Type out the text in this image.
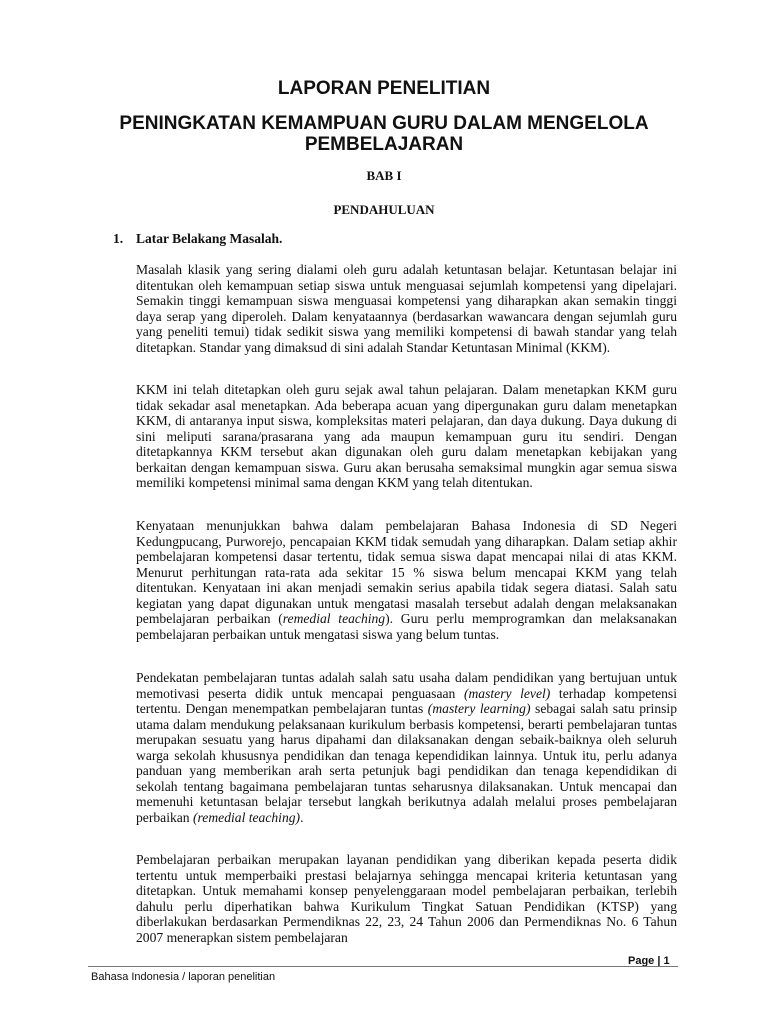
LAPORAN PENELITIAN
PENINGKATAN KEMAMPUAN GURU DALAM MENGELOLA PEMBELAJARAN

BAB I

PENDAHULUAN

1. Latar Belakang Masalah.

Masalah klasik yang sering dialami oleh guru adalah ketuntasan belajar. Ketuntasan belajar ini ditentukan oleh kemampuan setiap siswa untuk menguasai sejumlah kompetensi yang dipelajari. Semakin tinggi kemampuan siswa menguasai kompetensi yang diharapkan akan semakin tinggi daya serap yang diperoleh. Dalam kenyataannya (berdasarkan wawancara dengan sejumlah guru yang peneliti temui) tidak sedikit siswa yang memiliki kompetensi di bawah standar yang telah ditetapkan. Standar yang dimaksud di sini adalah Standar Ketuntasan Minimal (KKM).

KKM ini telah ditetapkan oleh guru sejak awal tahun pelajaran. Dalam menetapkan KKM guru tidak sekadar asal menetapkan. Ada beberapa acuan yang dipergunakan guru dalam menetapkan KKM, di antaranya input siswa, kompleksitas materi pelajaran, dan daya dukung. Daya dukung di sini meliputi sarana/prasarana yang ada maupun kemampuan guru itu sendiri. Dengan ditetapkannya KKM tersebut akan digunakan oleh guru dalam menetapkan kebijakan yang berkaitan dengan kemampuan siswa. Guru akan berusaha semaksimal mungkin agar semua siswa memiliki kompetensi minimal sama dengan KKM yang telah ditentukan.

Kenyataan menunjukkan bahwa dalam pembelajaran Bahasa Indonesia di SD Negeri Kedungpucang, Purworejo, pencapaian KKM tidak semudah yang diharapkan. Dalam setiap akhir pembelajaran kompetensi dasar tertentu, tidak semua siswa dapat mencapai nilai di atas KKM. Menurut perhitungan rata-rata ada sekitar 15 % siswa belum mencapai KKM yang telah ditentukan. Kenyataan ini akan menjadi semakin serius apabila tidak segera diatasi. Salah satu kegiatan yang dapat digunakan untuk mengatasi masalah tersebut adalah dengan melaksanakan pembelajaran perbaikan (remedial teaching). Guru perlu memprogramkan dan melaksanakan pembelajaran perbaikan untuk mengatasi siswa yang belum tuntas.

Pendekatan pembelajaran tuntas adalah salah satu usaha dalam pendidikan yang bertujuan untuk memotivasi peserta didik untuk mencapai penguasaan (mastery level) terhadap kompetensi tertentu. Dengan menempatkan pembelajaran tuntas (mastery learning) sebagai salah satu prinsip utama dalam mendukung pelaksanaan kurikulum berbasis kompetensi, berarti pembelajaran tuntas merupakan sesuatu yang harus dipahami dan dilaksanakan dengan sebaik-baiknya oleh seluruh warga sekolah khususnya pendidikan dan tenaga kependidikan lainnya. Untuk itu, perlu adanya panduan yang memberikan arah serta petunjuk bagi pendidikan dan tenaga kependidikan di sekolah tentang bagaimana pembelajaran tuntas seharusnya dilaksanakan. Untuk mencapai dan memenuhi ketuntasan belajar tersebut langkah berikutnya adalah melalui proses pembelajaran perbaikan (remedial teaching).

Pembelajaran perbaikan merupakan layanan pendidikan yang diberikan kepada peserta didik tertentu untuk memperbaiki prestasi belajarnya sehingga mencapai kriteria ketuntasan yang ditetapkan. Untuk memahami konsep penyelenggaraan model pembelajaran perbaikan, terlebih dahulu perlu diperhatikan bahwa Kurikulum Tingkat Satuan Pendidikan (KTSP) yang diberlakukan berdasarkan Permendiknas 22, 23, 24 Tahun 2006 dan Permendiknas No. 6 Tahun 2007 menerapkan sistem pembelajaran

Page | 1
Bahasa Indonesia / laporan penelitian
